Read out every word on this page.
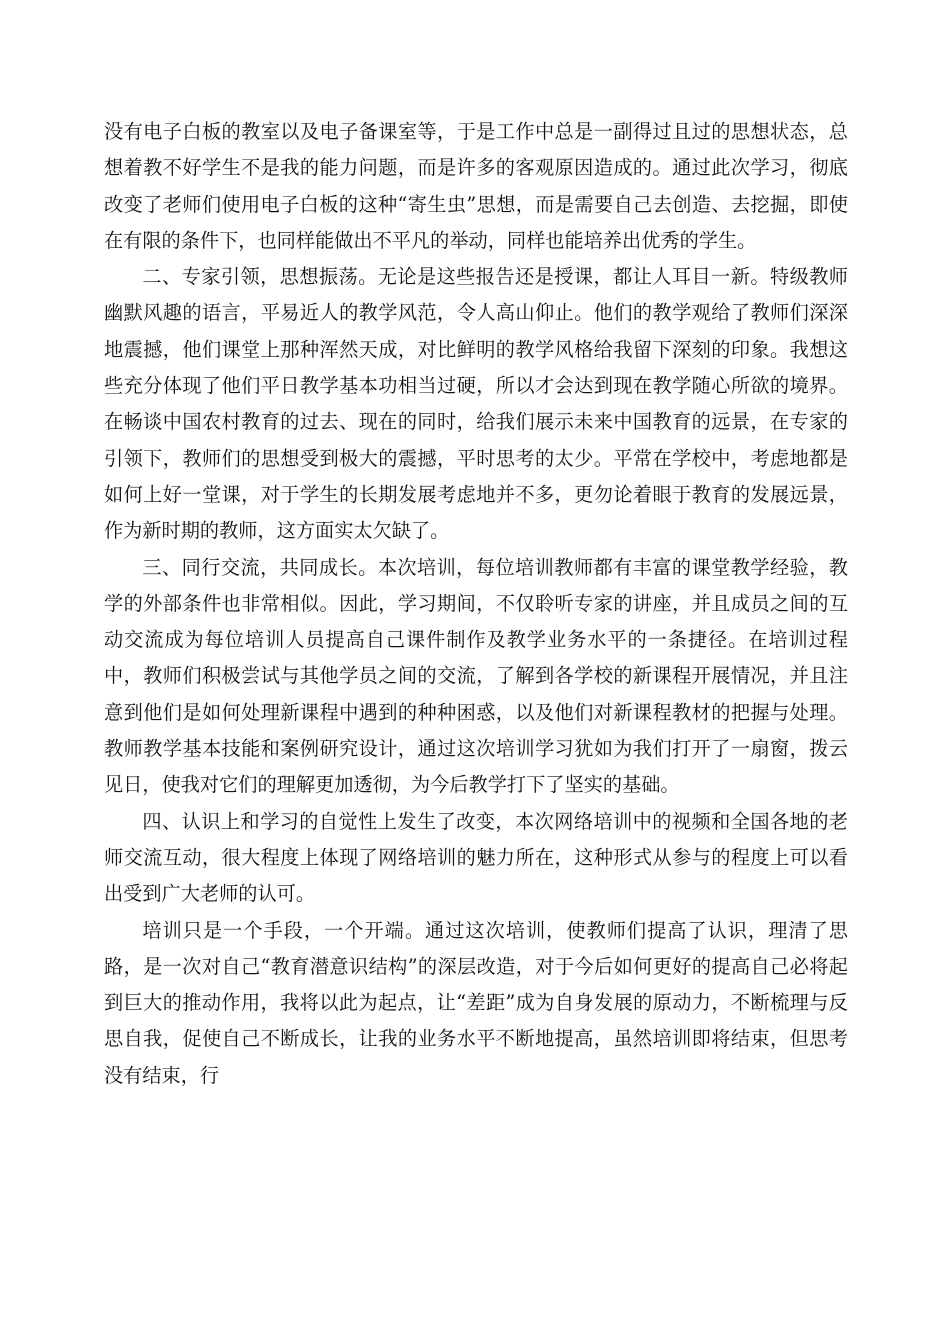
没有电子白板的教室以及电子备课室等，于是工作中总是一副得过且过的思想状态，总想着教不好学生不是我的能力问题，而是许多的客观原因造成的。通过此次学习，彻底改变了老师们使用电子白板的这种“寄生虫”思想，而是需要自己去创造、去挖掘，即使在有限的条件下，也同样能做出不平凡的举动，同样也能培养出优秀的学生。

二、专家引领，思想振荡。无论是这些报告还是授课，都让人耳目一新。特级教师幽默风趣的语言，平易近人的教学风范，令人高山仰止。他们的教学观给了教师们深深地震撼，他们课堂上那种浑然天成，对比鲜明的教学风格给我留下深刻的印象。我想这些充分体现了他们平日教学基本功相当过硬，所以才会达到现在教学随心所欲的境界。在畅谈中国农村教育的过去、现在的同时，给我们展示未来中国教育的远景，在专家的引领下，教师们的思想受到极大的震撼，平时思考的太少。平常在学校中，考虑地都是如何上好一堂课，对于学生的长期发展考虑地并不多，更勿论着眼于教育的发展远景，作为新时期的教师，这方面实太欠缺了。

三、同行交流，共同成长。本次培训，每位培训教师都有丰富的课堂教学经验，教学的外部条件也非常相似。因此，学习期间，不仅聆听专家的讲座，并且成员之间的互动交流成为每位培训人员提高自己课件制作及教学业务水平的一条捷径。在培训过程中，教师们积极尝试与其他学员之间的交流，了解到各学校的新课程开展情况，并且注意到他们是如何处理新课程中遇到的种种困惑，以及他们对新课程教材的把握与处理。教师教学基本技能和案例研究设计，通过这次培训学习犹如为我们打开了一扇窗，拨云见日，使我对它们的理解更加透彻，为今后教学打下了坚实的基础。

四、认识上和学习的自觉性上发生了改变，本次网络培训中的视频和全国各地的老师交流互动，很大程度上体现了网络培训的魅力所在，这种形式从参与的程度上可以看出受到广大老师的认可。

培训只是一个手段，一个开端。通过这次培训，使教师们提高了认识，理清了思路，是一次对自己“教育潜意识结构”的深层改造，对于今后如何更好的提高自己必将起到巨大的推动作用，我将以此为起点，让“差距”成为自身发展的原动力，不断梳理与反思自我，促使自己不断成长，让我的业务水平不断地提高，虽然培训即将结束，但思考没有结束，行
